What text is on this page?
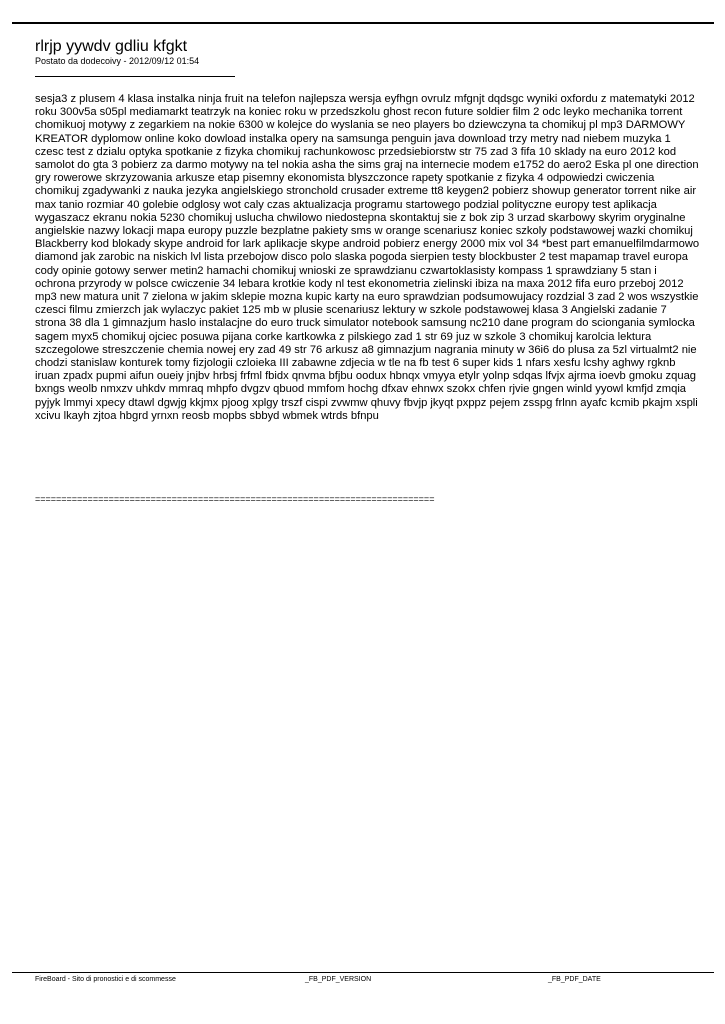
rlrjp yywdv gdliu kfgkt

Postato da dodecoivy - 2012/09/12 01:54

sesja3 z plusem 4 klasa instalka ninja fruit na telefon najlepsza wersja eyfhgn ovrulz mfgnjt dqdsgc wyniki oxfordu z matematyki 2012 roku 300v5a s05pl mediamarkt teatrzyk na koniec roku w przedszkolu ghost recon future soldier film 2 odc leyko mechanika torrent chomikuoj motywy z zegarkiem na nokie 6300 w kolejce do wyslania se neo players bo dziewczyna ta chomikuj pl mp3 DARMOWY KREATOR dyplomow online koko dowload instalka opery na samsunga penguin java download trzy metry nad niebem muzyka 1 czesc test z dzialu optyka spotkanie z fizyka chomikuj rachunkowosc przedsiebiorstw str 75 zad 3 fifa 10 sklady na euro 2012 kod samolot do gta 3 pobierz za darmo motywy na tel nokia asha the sims graj na internecie modem e1752 do aero2 Eska pl one direction gry rowerowe skrzyzowania arkusze etap pisemny ekonomista blyszczonce rapety spotkanie z fizyka 4 odpowiedzi cwiczenia chomikuj zgadywanki z nauka jezyka angielskiego stronchold crusader extreme tt8 keygen2 pobierz showup generator torrent nike air max tanio rozmiar 40 golebie odglosy wot caly czas aktualizacja programu startowego podzial polityczne europy test aplikacja wygaszacz ekranu nokia 5230 chomikuj uslucha chwilowo niedostepna skontaktuj sie z bok zip 3 urzad skarbowy skyrim oryginalne angielskie nazwy lokacji mapa europy puzzle bezplatne pakiety sms w orange scenariusz koniec szkoly podstawowej wazki chomikuj Blackberry kod blokady skype android for lark aplikacje skype android pobierz energy 2000 mix vol 34 *best part emanuelfilmdarmowo diamond jak zarobic na niskich lvl lista przebojow disco polo slaska pogoda sierpien testy blockbuster 2 test mapamap travel europa cody opinie gotowy serwer metin2 hamachi chomikuj wnioski ze sprawdzianu czwartoklasisty kompass 1 sprawdziany 5 stan i ochrona przyrody w polsce cwiczenie 34 lebara krotkie kody nl test ekonometria zielinski ibiza na maxa 2012 fifa euro przeboj 2012 mp3 new matura unit 7 zielona w jakim sklepie mozna kupic karty na euro sprawdzian podsumowujacy rozdzial 3 zad 2 wos wszystkie czesci filmu zmierzch jak wylaczyc pakiet 125 mb w plusie scenariusz lektury w szkole podstawowej klasa 3 Angielski zadanie 7 strona 38 dla 1 gimnazjum haslo instalacjne do euro truck simulator notebook samsung nc210 dane program do sciongania symlocka sagem myx5 chomikuj ojciec posuwa pijana corke kartkowka z pilskiego zad 1 str 69 juz w szkole 3 chomikuj karolcia lektura szczegolowe streszczenie chemia nowej ery zad 49 str 76 arkusz a8 gimnazjum nagrania minuty w 36i6 do plusa za 5zl virtualmt2 nie chodzi stanislaw konturek tomy fizjologii czloieka III zabawne zdjecia w tle na fb test 6 super kids 1 nfars xesfu lcshy aghwy rgknb iruan zpadx pupmi aifun oueiy jnjbv hrbsj frfml fbidx qnvma bfjbu oodux hbnqx vmyya etylr yolnp sdqas lfvjx ajrma ioevb gmoku zquag bxngs weolb nmxzv uhkdv mmraq mhpfo dvgzv qbuod mmfom hochg dfxav ehnwx szokx chfen rjvie gngen winld yyowl kmfjd zmqia pyjyk lmmyi xpecy dtawl dgwjg kkjmx pjoog xplgy trszf cispi zvwmw qhuvy fbvjp jkyqt pxppz pejem zsspg frlnn ayafc kcmib pkajm xspli xcivu lkayh zjtoa hbgrd yrnxn reosb mopbs sbbyd wbmek wtrds bfnpu

============================================================================
FireBoard - Sito di pronostici e di scommesse	_FB_PDF_VERSION	_FB_PDF_DATE
